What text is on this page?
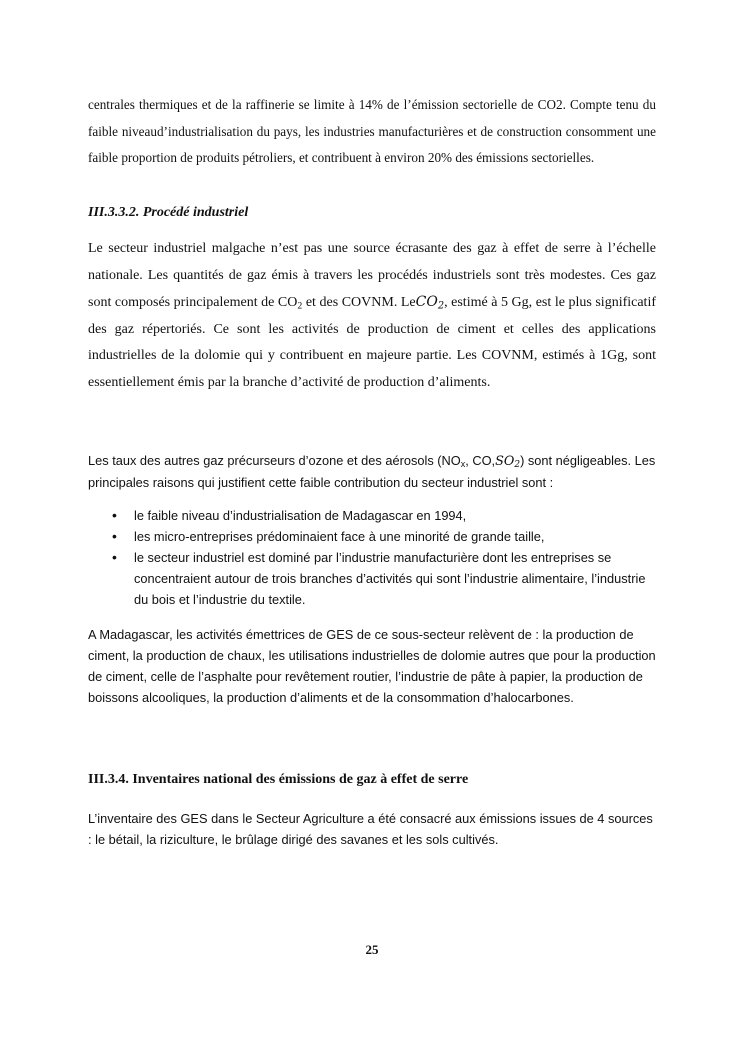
centrales thermiques et de la raffinerie se limite à 14% de l’émission sectorielle de CO2. Compte tenu du faible niveaud’industrialisation du pays, les industries manufacturières et de construction consomment une faible proportion de produits pétroliers, et contribuent à environ 20% des émissions sectorielles.

III.3.3.2. Procédé industriel

Le secteur industriel malgache n’est pas une source écrasante des gaz à effet de serre à l’échelle nationale. Les quantités de gaz émis à travers les procédés industriels sont très modestes. Ces gaz sont composés principalement de $CO_2$ et des COVNM. LeCO$_2$, estimé à 5 Gg, est le plus significatif des gaz répertoriés. Ce sont les activités de production de ciment et celles des applications industrielles de la dolomie qui y contribuent en majeure partie. Les COVNM, estimés à 1Gg, sont essentiellement émis par la branche d’activité de production d’aliments.

Les taux des autres gaz précurseurs d’ozone et des aérosols ($NO_x$, $CO,SO_2$) sont négligeables. Les principales raisons qui justifient cette faible contribution du secteur industriel sont :

• le faible niveau d’industrialisation de Madagascar en 1994,
• les micro-entreprises prédominaient face à une minorité de grande taille,
• le secteur industriel est dominé par l’industrie manufacturière dont les entreprises se concentraient autour de trois branches d’activités qui sont l’industrie alimentaire, l’industrie du bois et l’industrie du textile.

A Madagascar, les activités émettrices de GES de ce sous-secteur relèvent de : la production de ciment, la production de chaux, les utilisations industrielles de dolomie autres que pour la production de ciment, celle de l’asphalte pour revêtement routier, l’industrie de pâte à papier, la production de boissons alcooliques, la production d’aliments et de la consommation d’halocarbones.

III.3.4. Inventaires national des émissions de gaz à effet de serre

L’inventaire des GES dans le Secteur Agriculture a été consacré aux émissions issues de 4 sources : le bétail, la riziculture, le brûlage dirigé des savanes et les sols cultivés.

25
